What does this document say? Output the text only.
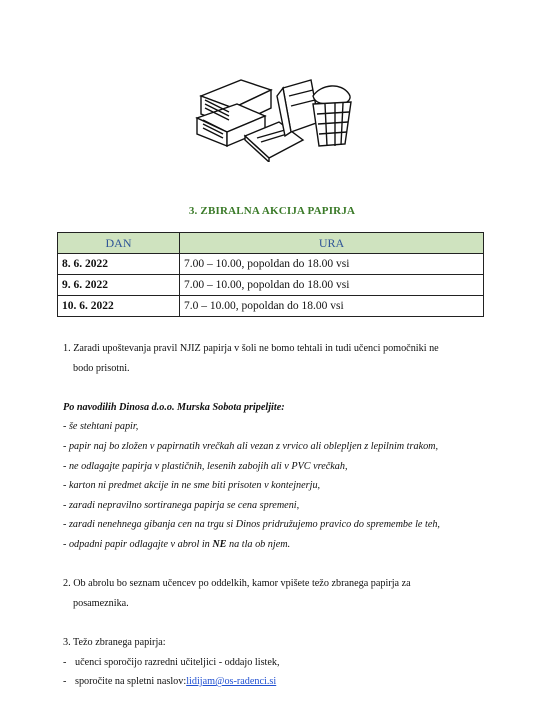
3. ZBIRALNA AKCIJA PAPIRJA
DAN	URA
8. 6. 2022	7.00 – 10.00, popoldan do 18.00 vsi
9. 6. 2022	7.00 – 10.00, popoldan do 18.00 vsi
10. 6. 2022	7.0 – 10.00, popoldan do 18.00 vsi

1. Zaradi upoštevanja pravil NJIZ papirja v šoli ne bomo tehtali in tudi učenci pomočniki ne

bodo prisotni.

Po navodilih Dinosa d.o.o. Murska Sobota pripeljite:

- še stehtani papir,

- papir naj bo zložen v papirnatih vrečkah ali vezan z vrvico ali oblepljen z lepilnim trakom,

- ne odlagajte papirja v plastičnih, lesenih zabojih ali v PVC vrečkah,

- karton ni predmet akcije in ne sme biti prisoten v kontejnerju,

- zaradi nepravilno sortiranega papirja se cena spremeni,

- zaradi nenehnega gibanja cen na trgu si Dinos pridružujemo pravico do spremembe le teh,

- odpadni papir odlagajte v abrol in NE na tla ob njem.

2. Ob abrolu bo seznam učencev po oddelkih, kamor vpišete težo zbranega papirja za

posameznika.

3. Težo zbranega papirja:

- učenci sporočijo razredni učiteljici - oddajo listek,
- sporočite na spletni naslov: lidijam@os-radenci.si
